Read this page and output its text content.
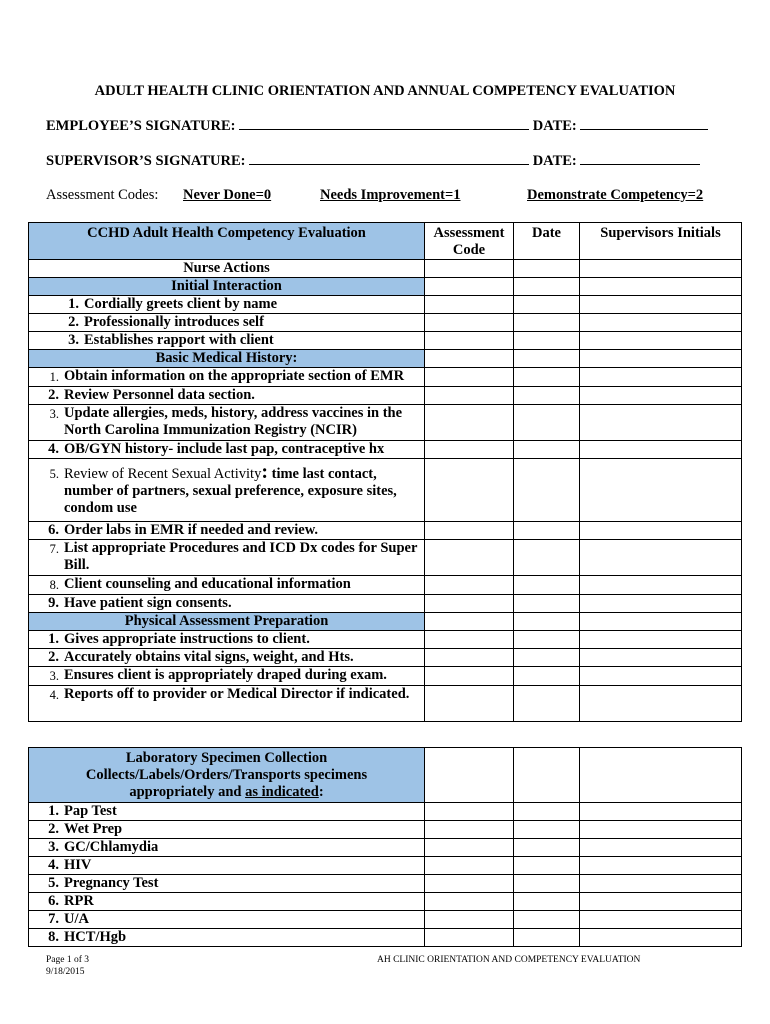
ADULT HEALTH CLINIC ORIENTATION AND ANNUAL COMPETENCY EVALUATION
EMPLOYEE’S SIGNATURE:	DATE:
SUPERVISOR’S SIGNATURE:	DATE:
Assessment Codes: Never Done=0	Needs Improvement=1	Demonstrate Competency=2
CCHD Adult Health Competency Evaluation	Assessment Code	Date	Supervisors Initials
Nurse Actions			
Initial Interaction			

1. Cordially greets client by name			

2. Professionally introduces self			

3. Establishes rapport with client			

Basic Medical History:			

1. Obtain information on the appropriate section of EMR			

2. Review Personnel data section.			

3. Update allergies, meds, history, address vaccines in the North Carolina Immunization Registry (NCIR)			

4. OB/GYN history- include last pap, contraceptive hx			

5. Review of Recent Sexual Activity: time last contact, number of partners, sexual preference, exposure sites, condom use			

6. Order labs in EMR if needed and review.			

7. List appropriate Procedures and ICD Dx codes for Super Bill.			

8. Client counseling and educational information			

9. Have patient sign consents.			

Physical Assessment Preparation			

1. Gives appropriate instructions to client.			

2. Accurately obtains vital signs, weight, and Hts.			

3. Ensures client is appropriately draped during exam.			

4. Reports off to provider or Medical Director if indicated.			

Laboratory Specimen Collection
Collects/Labels/Orders/Transports specimens
appropriately and as indicated:			

1. Pap Test			

2. Wet Prep			

3. GC/Chlamydia			

4. HIV			

5. Pregnancy Test			

6. RPR			

7. U/A			

8. HCT/Hgb			

Page 1 of 3
9/18/2015
AH CLINIC ORIENTATION AND COMPETENCY EVALUATION
